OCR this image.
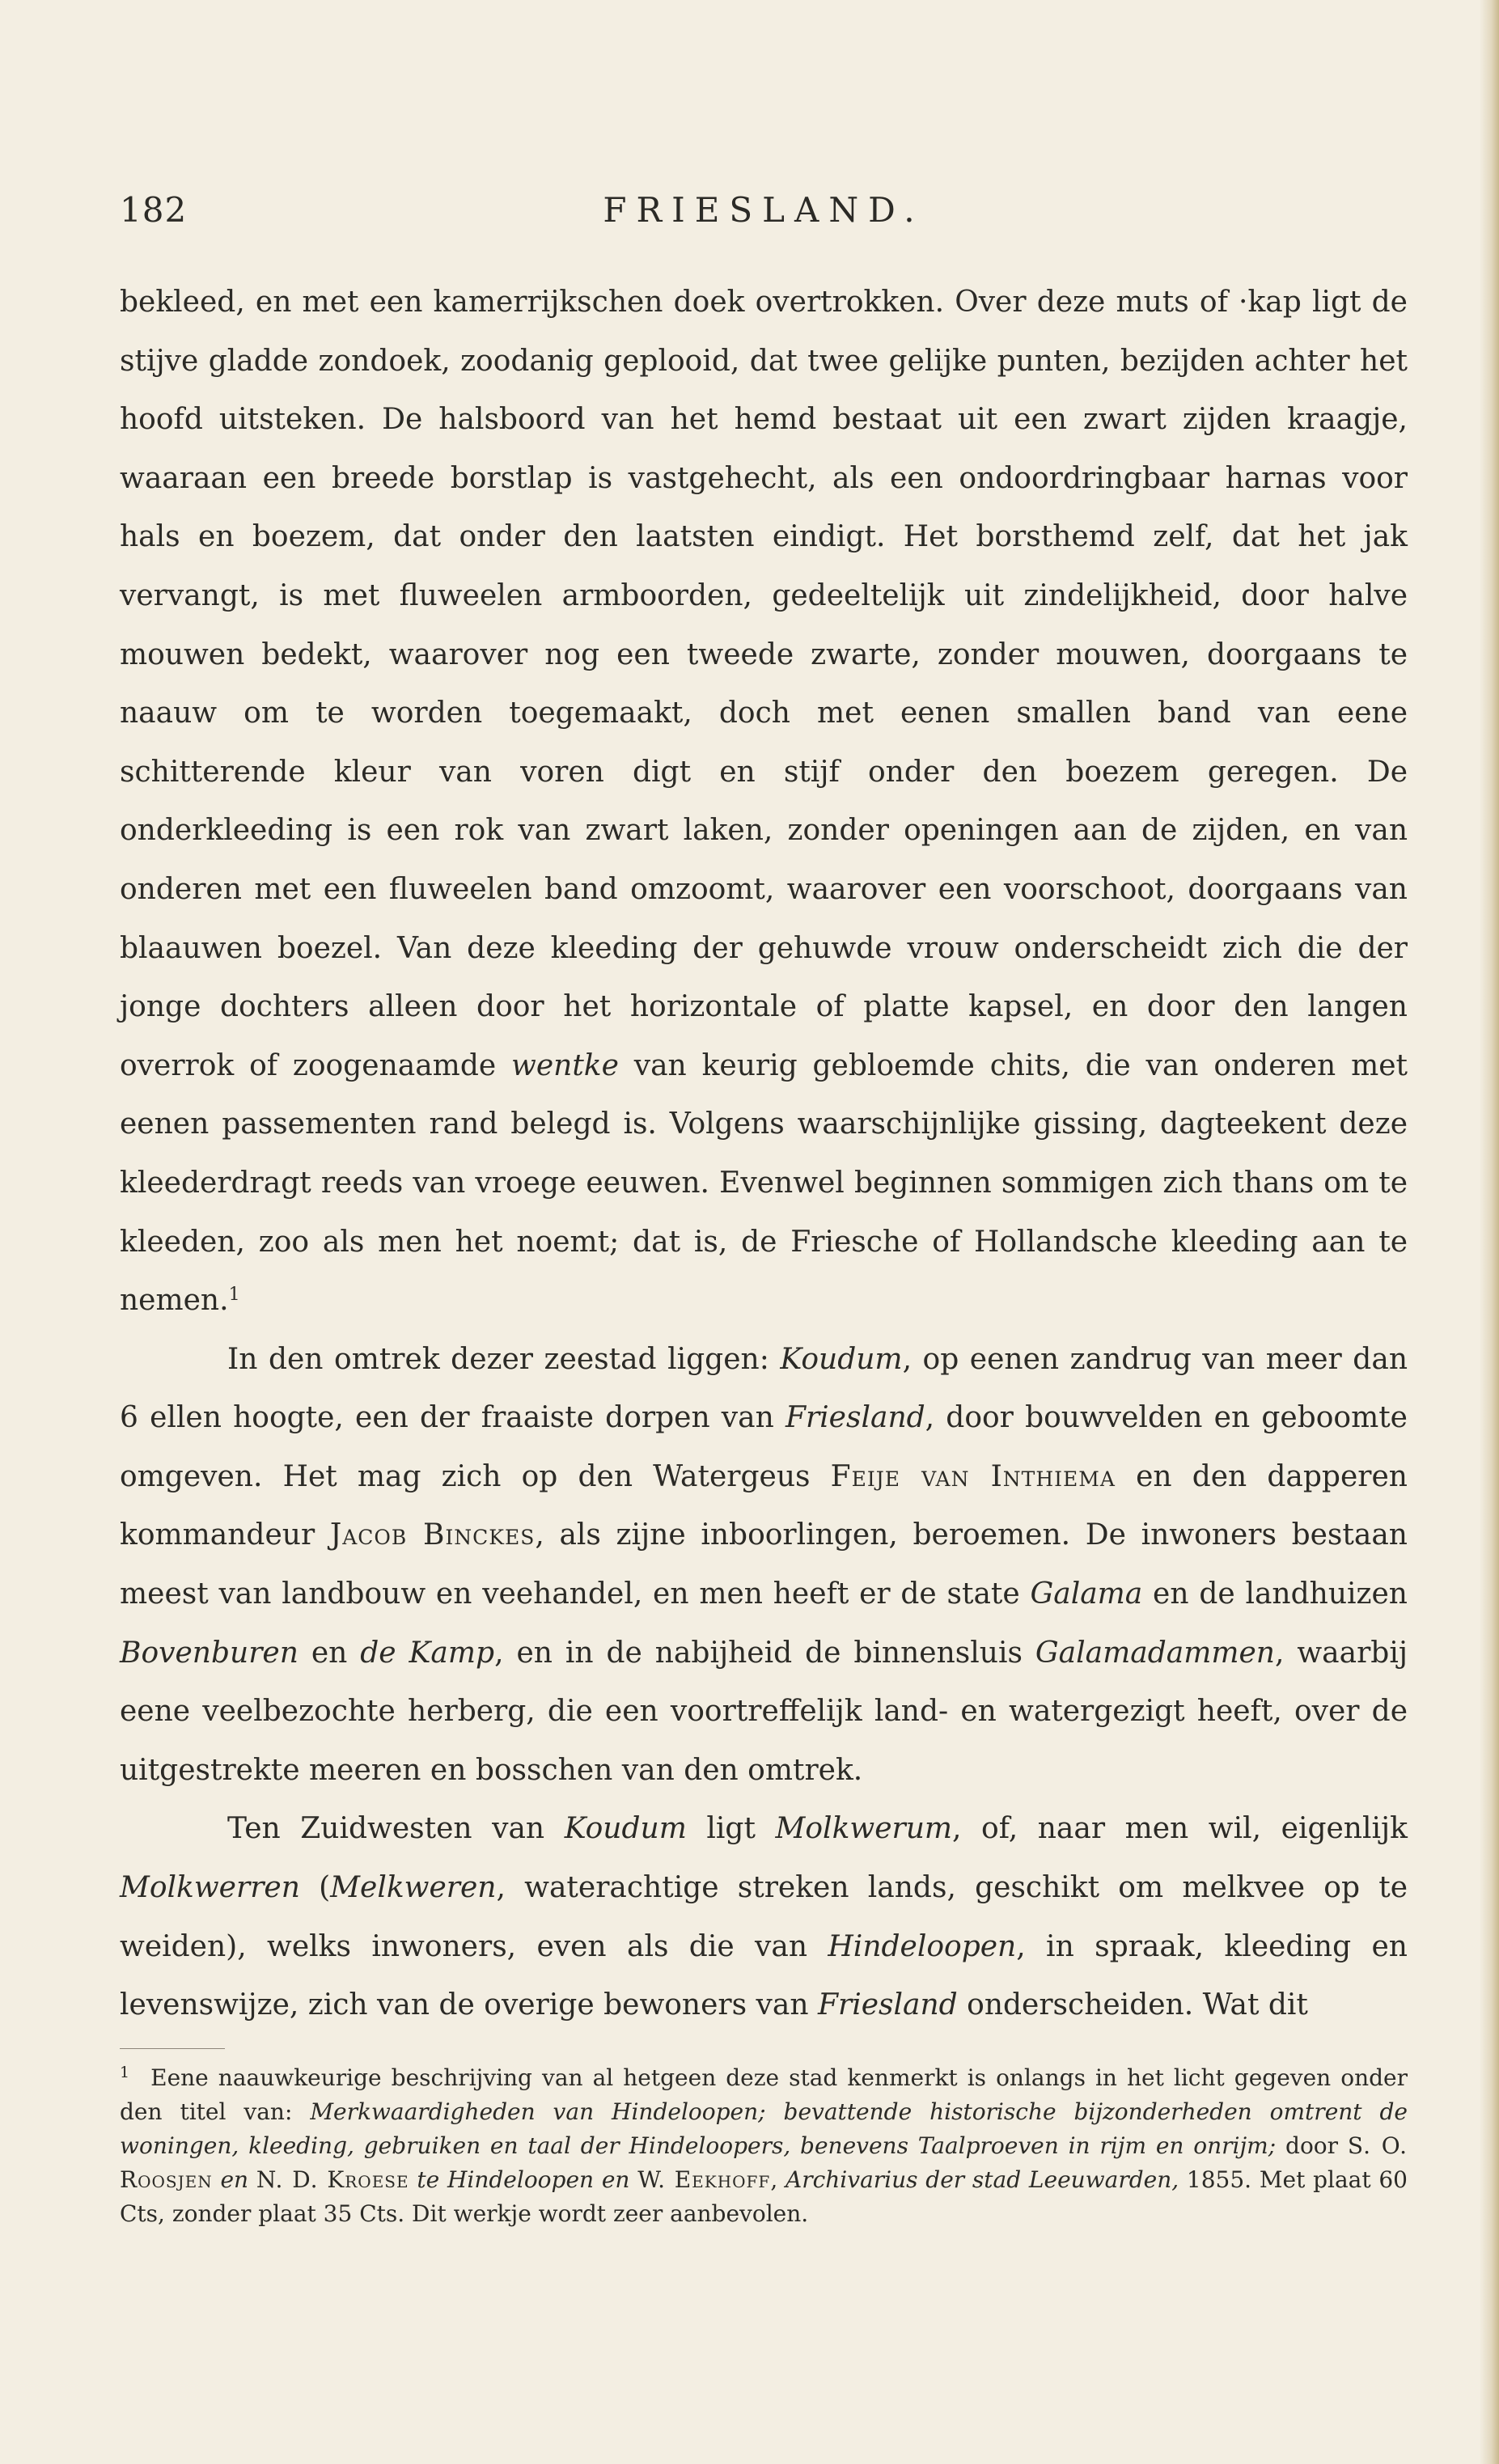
182	FRIESLAND.

bekleed, en met een kamerrijkschen doek overtrokken. Over deze muts of ·kap ligt de stijve gladde zondoek, zoodanig geplooid, dat twee gelijke punten, bezijden achter het hoofd uitsteken. De halsboord van het hemd bestaat uit een zwart zijden kraagje, waaraan een breede borstlap is vastgehecht, als een ondoordringbaar harnas voor hals en boezem, dat onder den laatsten eindigt. Het borsthemd zelf, dat het jak vervangt, is met fluweelen armboorden, gedeeltelijk uit zindelijkheid, door halve mouwen bedekt, waarover nog een tweede zwarte, zonder mouwen, doorgaans te naauw om te worden toegemaakt, doch met eenen smallen band van eene schitterende kleur van voren digt en stijf onder den boezem geregen. De onderkleeding is een rok van zwart laken, zonder openingen aan de zijden, en van onderen met een fluweelen band omzoomt, waarover een voorschoot, doorgaans van blaauwen boezel. Van deze kleeding der gehuwde vrouw onderscheidt zich die der jonge dochters alleen door het horizontale of platte kapsel, en door den langen overrok of zoogenaamde wentke van keurig gebloemde chits, die van onderen met eenen passementen rand belegd is. Volgens waarschijnlijke gissing, dagteekent deze kleederdragt reeds van vroege eeuwen. Evenwel beginnen sommigen zich thans om te kleeden, zoo als men het noemt; dat is, de Friesche of Hollandsche kleeding aan te nemen.$^1$

In den omtrek dezer zeestad liggen: Koudum, op eenen zandrug van meer dan 6 ellen hoogte, een der fraaiste dorpen van Friesland, door bouwvelden en geboomte omgeven. Het mag zich op den Watergeus Feije van Inthiema en den dapperen kommandeur Jacob Binckes, als zijne inboorlingen, beroemen. De inwoners bestaan meest van landbouw en veehandel, en men heeft er de state Galama en de landhuizen Bovenburen en de Kamp, en in de nabijheid de binnensluis Galamadammen, waarbij eene veelbezochte herberg, die een voortreffelijk land- en watergezigt heeft, over de uitgestrekte meeren en bosschen van den omtrek.

Ten Zuidwesten van Koudum ligt Molkwerum, of, naar men wil, eigenlijk Molkwerren (Melkweren, waterachtige streken lands, geschikt om melkvee op te weiden), welks inwoners, even als die van Hindeloopen, in spraak, kleeding en levenswijze, zich van de overige bewoners van Friesland onderscheiden. Wat dit

$^1$ Eene naauwkeurige beschrijving van al hetgeen deze stad kenmerkt is onlangs in het licht gegeven onder den titel van: Merkwaardigheden van Hindeloopen; bevattende historische bijzonderheden omtrent de woningen, kleeding, gebruiken en taal der Hindeloopers, benevens Taalproeven in rijm en onrijm; door S. O. Roosjen en N. D. Kroese te Hindeloopen en W. Eekhoff, Archivarius der stad Leeuwarden, 1855. Met plaat 60 Cts, zonder plaat 35 Cts. Dit werkje wordt zeer aanbevolen.
